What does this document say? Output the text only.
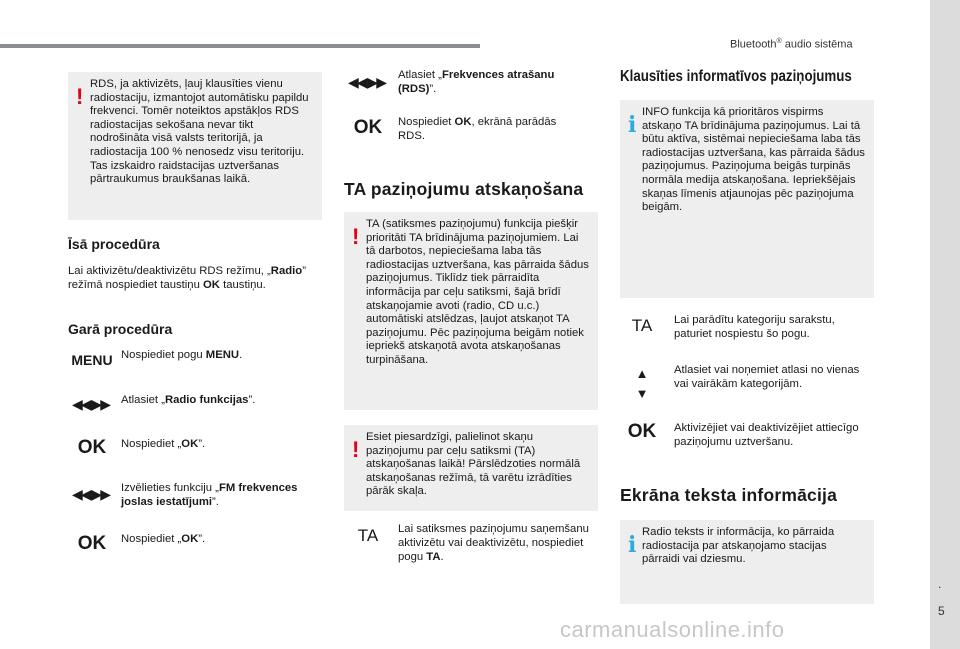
Bluetooth® audio sistēma
.
5
! RDS, ja aktivizēts, ļauj klausīties vienu radiostaciju, izmantojot automātisku papildu frekvenci. Tomēr noteiktos apstākļos RDS radiostacijas sekošana nevar tikt nodrošināta visā valsts teritorijā, ja radiostacija 100 % nenosedz visu teritoriju. Tas izskaidro raidstacijas uztveršanas pārtraukumus braukšanas laikā.
Īsā procedūra
Lai aktivizētu/deaktivizētu RDS režīmu, „Radio” režīmā nospiediet taustiņu OK taustiņu.
Garā procedūra
MENU Nospiediet pogu MENU.
◀◀ ▶▶ Atlasiet „Radio funkcijas”.
OK	Nospiediet „OK”.
◀◀ ▶▶ Izvēlieties funkciju „FM frekvences joslas iestatījumi”.
OK	Nospiediet „OK”.
◀◀ ▶▶ Atlasiet „Frekvences atrašanu (RDS)”.
OK	Nospiediet OK, ekrānā parādās RDS.
TA paziņojumu atskaņošana
! TA (satiksmes paziņojumu) funkcija piešķir prioritāti TA brīdinājuma paziņojumiem. Lai tā darbotos, nepieciešama laba tās radiostacijas uztveršana, kas pārraida šādus paziņojumus. Tiklīdz tiek pārraidīta informācija par ceļu satiksmi, šajā brīdī atskaņojamie avoti (radio, CD u.c.) automātiski atslēdzas, ļaujot atskaņot TA paziņojumu. Pēc paziņojuma beigām notiek iepriekš atskaņotā avota atskaņošanas turpināšana.
! Esiet piesardzīgi, palielinot skaņu paziņojumu par ceļu satiksmi (TA) atskaņošanas laikā! Pārslēdzoties normālā atskaņošanas režīmā, tā varētu izrādīties pārāk skaļa.
TA	Lai satiksmes paziņojumu saņemšanu aktivizētu vai deaktivizētu, nospiediet pogu TA.
Klausīties informatīvos paziņojumus
i INFO funkcija kā prioritāros vispirms atskaņo TA brīdinājuma paziņojumus. Lai tā būtu aktīva, sistēmai nepieciešama laba tās radiostacijas uztveršana, kas pārraida šādus paziņojumus. Paziņojuma beigās turpinās normāla medija atskaņošana. Iepriekšējais skaņas līmenis atjaunojas pēc paziņojuma beigām.
TA	Lai parādītu kategoriju sarakstu, paturiet nospiestu šo pogu.
▲
▼
Atlasiet vai noņemiet atlasi no vienas vai vairākām kategorijām.
OK	Aktivizējiet vai deaktivizējiet attiecīgo paziņojumu uztveršanu.
Ekrāna teksta informācija
i Radio teksts ir informācija, ko pārraida radiostacija par atskaņojamo stacijas pārraidi vai dziesmu.
carmanualsonline.info
